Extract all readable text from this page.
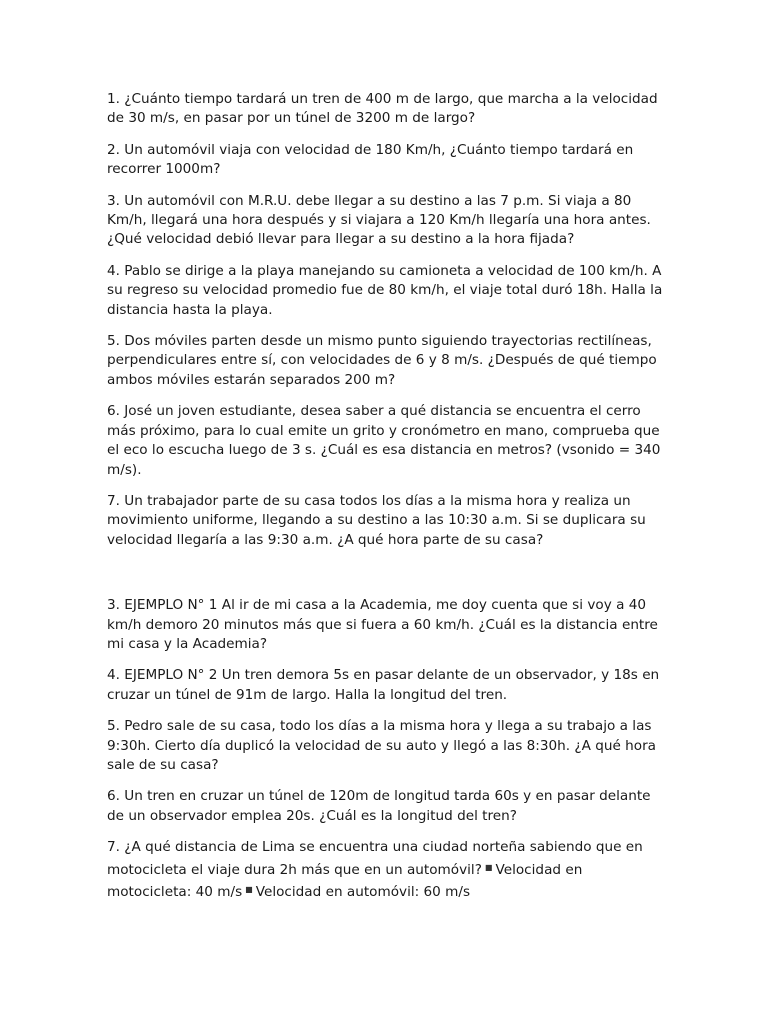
1. ¿Cuánto tiempo tardará un tren de 400 m de largo, que marcha a la velocidad de 30 m/s, en pasar por un túnel de 3200 m de largo?

2. Un automóvil viaja con velocidad de 180 Km/h, ¿Cuánto tiempo tardará en recorrer 1000m?

3. Un automóvil con M.R.U. debe llegar a su destino a las 7 p.m. Si viaja a 80 Km/h, llegará una hora después y si viajara a 120 Km/h llegaría una hora antes. ¿Qué velocidad debió llevar para llegar a su destino a la hora fijada?

4. Pablo se dirige a la playa manejando su camioneta a velocidad de 100 km/h. A su regreso su velocidad promedio fue de 80 km/h, el viaje total duró 18h. Halla la distancia hasta la playa.

5. Dos móviles parten desde un mismo punto siguiendo trayectorias rectilíneas, perpendiculares entre sí, con velocidades de 6 y 8 m/s. ¿Después de qué tiempo ambos móviles estarán separados 200 m?

6. José un joven estudiante, desea saber a qué distancia se encuentra el cerro más próximo, para lo cual emite un grito y cronómetro en mano, comprueba que el eco lo escucha luego de 3 s. ¿Cuál es esa distancia en metros? (vsonido = 340 m/s).

7. Un trabajador parte de su casa todos los días a la misma hora y realiza un movimiento uniforme, llegando a su destino a las 10:30 a.m. Si se duplicara su velocidad llegaría a las 9:30 a.m. ¿A qué hora parte de su casa?

3. EJEMPLO N° 1 Al ir de mi casa a la Academia, me doy cuenta que si voy a 40 km/h demoro 20 minutos más que si fuera a 60 km/h. ¿Cuál es la distancia entre mi casa y la Academia?

4. EJEMPLO N° 2 Un tren demora 5s en pasar delante de un observador, y 18s en cruzar un túnel de 91m de largo. Halla la longitud del tren.

5. Pedro sale de su casa, todo los días a la misma hora y llega a su trabajo a las 9:30h. Cierto día duplicó la velocidad de su auto y llegó a las 8:30h. ¿A qué hora sale de su casa?

6. Un tren en cruzar un túnel de 120m de longitud tarda 60s y en pasar delante de un observador emplea 20s. ¿Cuál es la longitud del tren?

7. ¿A qué distancia de Lima se encuentra una ciudad norteña sabiendo que en motocicleta el viaje dura 2h más que en un automóvil? ■ Velocidad en motocicleta: 40 m/s ■ Velocidad en automóvil: 60 m/s
